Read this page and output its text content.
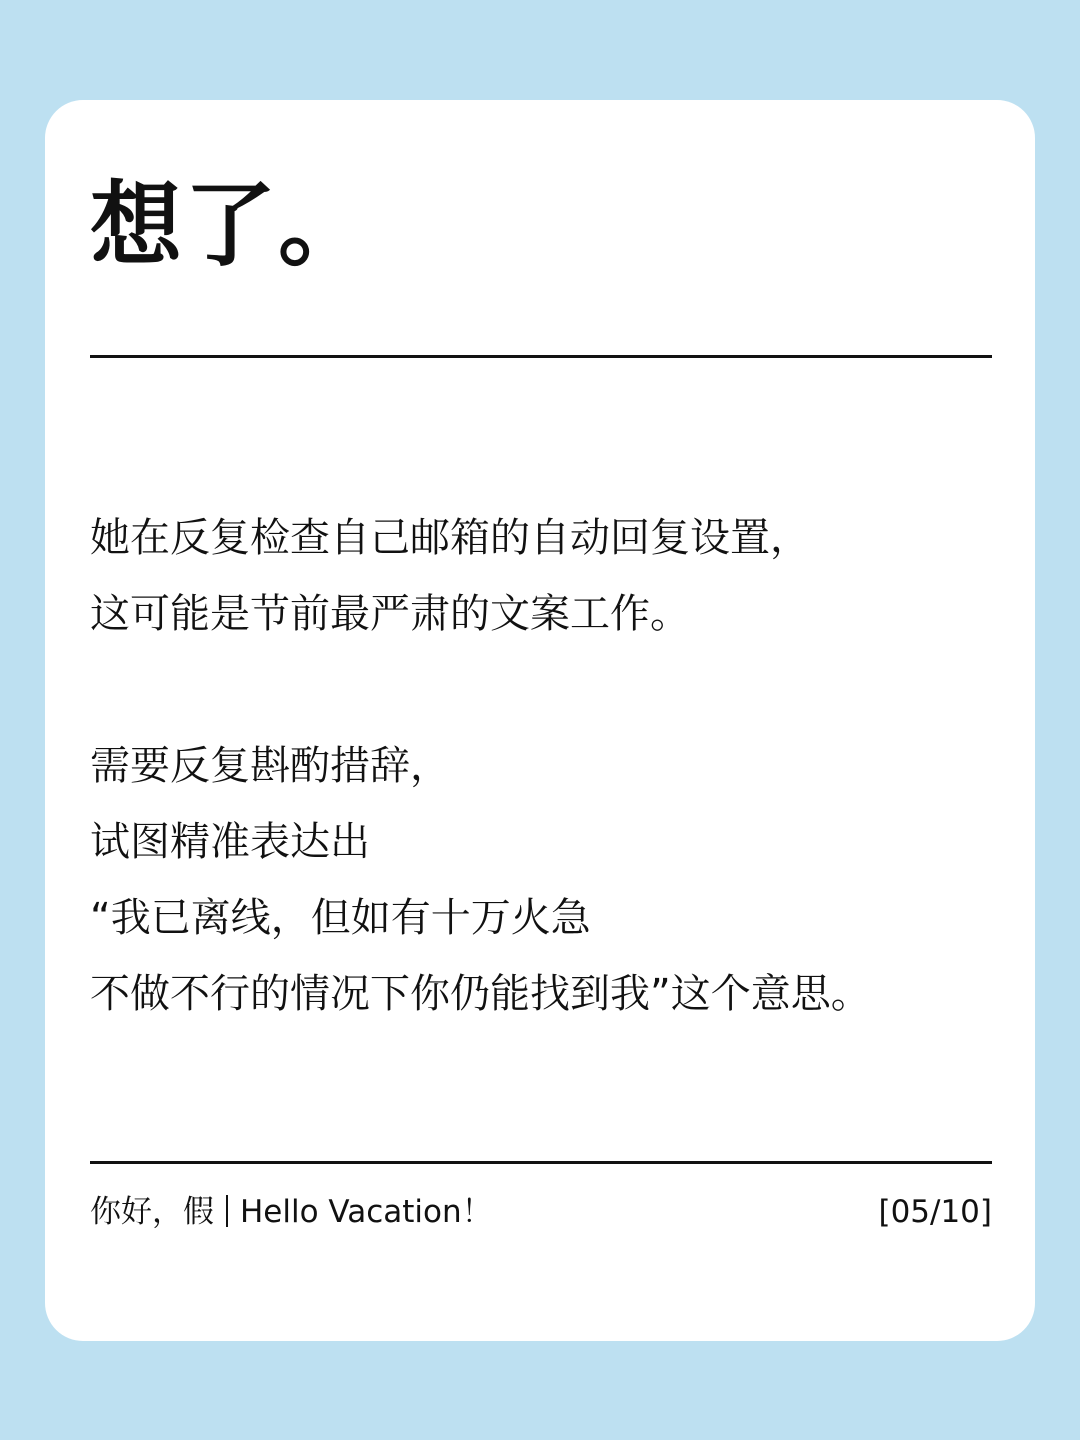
想了。

她在反复检查自己邮箱的自动回复设置，
这可能是节前最严肃的文案工作。

需要反复斟酌措辞，
试图精准表达出
“我已离线，但如有十万火急
不做不行的情况下你仍能找到我”这个意思。

你好，假 Hello Vacation！	[05/10]
